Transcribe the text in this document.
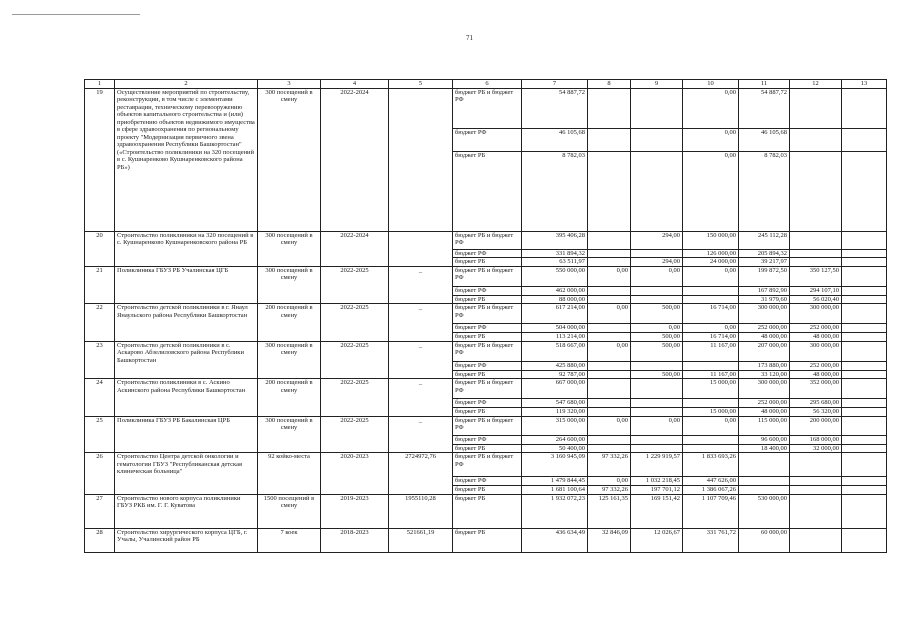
71
1	2	3	4	5	6	7	8	9	10	11	12	13
19	Осуществление мероприятий по строительству, реконструкции, в том числе с элементами реставрации, техническому перевооружению объектов капитального строительства и (или) приобретению объектов недвижимого имущества в сфере здравоохранения по региональному проекту "Модернизация первичного звена здравоохранения Республики Башкортостан" («Строительство поликлиники на 320 посещений в с. Кушнаренково Кушнаренковского района РБ»)	300 посещений в смену	2022-2024		бюджет РБ и бюджет РФ	54 887,72			0,00	54 887,72		
					бюджет РФ	46 105,68			0,00	46 105,68		
					бюджет РБ	8 782,03			0,00	8 782,03		
20	Строительство поликлиники на 320 посещений в с. Кушнаренково Кушнаренковского района РБ	300 посещений в смену	2022-2024		бюджет РБ и бюджет РФ	395 406,28		294,00	150 000,00	245 112,28		
					бюджет РФ	331 894,32			126 000,00	205 894,32		
					бюджет РБ	63 511,97		294,00	24 000,00	39 217,97		
21	Поликлиника ГБУЗ РБ Учалинская ЦГБ	300 посещений в смену	2022-2025	_	бюджет РБ и бюджет РФ	550 000,00	0,00	0,00	0,00	199 872,50	350 127,50	
					бюджет РФ	462 000,00				167 892,90	294 107,10	
					бюджет РБ	88 000,00				31 979,60	56 020,40	
22	Строительство детской поликлиники в г. Янаул Янаульского района Республики Башкортостан	200 посещений в смену	2022-2025	_	бюджет РБ и бюджет РФ	617 214,00	0,00	500,00	16 714,00	300 000,00	300 000,00	
					бюджет РФ	504 000,00		0,00	0,00	252 000,00	252 000,00	
					бюджет РБ	113 214,00		500,00	16 714,00	48 000,00	48 000,00	
23	Строительство детской поликлиники в с. Аскарово Абзелиловского района Республики Башкортостан	300 посещений в смену	2022-2025	_	бюджет РБ и бюджет РФ	518 667,00	0,00	500,00	11 167,00	207 000,00	300 000,00	
					бюджет РФ	425 880,00				173 880,00	252 000,00	
					бюджет РБ	92 787,00		500,00	11 167,00	33 120,00	48 000,00	
24	Строительство поликлиники в с. Аскино Аскинского района Республики Башкортостан	200 посещений в смену	2022-2025	_	бюджет РБ и бюджет РФ	667 000,00			15 000,00	300 000,00	352 000,00	
					бюджет РФ	547 680,00				252 000,00	295 680,00	
					бюджет РБ	119 320,00			15 000,00	48 000,00	56 320,00	
25	Поликлиника ГБУЗ РБ Бакалинская ЦРБ	300 посещений в смену	2022-2025	_	бюджет РБ и бюджет РФ	315 000,00	0,00	0,00	0,00	115 000,00	200 000,00	
					бюджет РФ	264 600,00				96 600,00	168 000,00	
					бюджет РБ	50 400,00				18 400,00	32 000,00	
26	Строительство Центра детской онкологии и гематологии ГБУЗ "Республиканская детская клиническая больница"	92 койко-места	2020-2023	2724972,76	бюджет РБ и бюджет РФ	3 160 945,09	97 332,26	1 229 919,57	1 833 693,26			
					бюджет РФ	1 479 844,45	0,00	1 032 218,45	447 626,00			
					бюджет РБ	1 681 100,64	97 332,26	197 701,12	1 386 067,26			
27	Строительство нового корпуса поликлиники ГБУЗ РКБ им. Г. Г. Куватова	1500 посещений в смену	2019-2023	1955110,28	бюджет РБ	1 932 072,23	125 161,35	169 151,42	1 107 709,46	530 000,00		
28	Строительство хирургического корпуса ЦГБ, г. Учалы, Учалинский район РБ	7 коек	2018-2023	521661,19	бюджет РБ	436 634,49	32 846,09	12 026,67	331 761,72	60 000,00		
